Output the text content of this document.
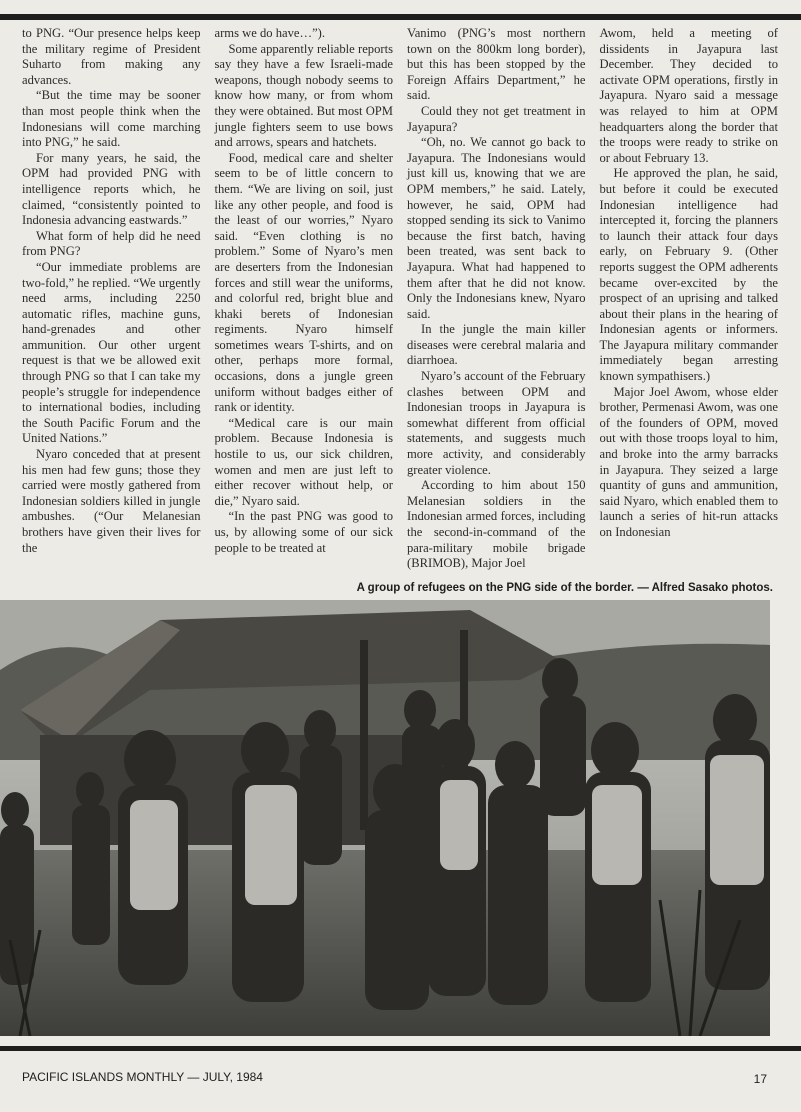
to PNG. “Our presence helps keep the military regime of President Suharto from making any advances.

“But the time may be sooner than most people think when the Indonesians will come marching into PNG,” he said.

For many years, he said, the OPM had provided PNG with intelligence reports which, he claimed, “consistently pointed to Indonesia advancing eastwards.”

What form of help did he need from PNG?

“Our immediate problems are two-fold,” he replied. “We urgently need arms, including 2250 automatic rifles, machine guns, hand-grenades and other ammunition. Our other urgent request is that we be allowed exit through PNG so that I can take my people’s struggle for independence to international bodies, including the South Pacific Forum and the United Nations.”

Nyaro conceded that at present his men had few guns; those they carried were mostly gathered from Indonesian soldiers killed in jungle ambushes. (“Our Melanesian brothers have given their lives for the

arms we do have…”).

Some apparently reliable reports say they have a few Israeli-made weapons, though nobody seems to know how many, or from whom they were obtained. But most OPM jungle fighters seem to use bows and arrows, spears and hatchets.

Food, medical care and shelter seem to be of little concern to them. “We are living on soil, just like any other people, and food is the least of our worries,” Nyaro said. “Even clothing is no problem.” Some of Nyaro’s men are deserters from the Indonesian forces and still wear the uniforms, and colorful red, bright blue and khaki berets of Indonesian regiments. Nyaro himself sometimes wears T-shirts, and on other, perhaps more formal, occasions, dons a jungle green uniform without badges either of rank or identity.

“Medical care is our main problem. Because Indonesia is hostile to us, our sick children, women and men are just left to either recover without help, or die,” Nyaro said.

“In the past PNG was good to us, by allowing some of our sick people to be treated at

Vanimo (PNG’s most northern town on the 800km long border), but this has been stopped by the Foreign Affairs Department,” he said.

Could they not get treatment in Jayapura?

“Oh, no. We cannot go back to Jayapura. The Indonesians would just kill us, knowing that we are OPM members,” he said. Lately, however, he said, OPM had stopped sending its sick to Vanimo because the first batch, having been treated, was sent back to Jayapura. What had happened to them after that he did not know. Only the Indonesians knew, Nyaro said.

In the jungle the main killer diseases were cerebral malaria and diarrhoea.

Nyaro’s account of the February clashes between OPM and Indonesian troops in Jayapura is somewhat different from official statements, and suggests much more activity, and considerably greater violence.

According to him about 150 Melanesian soldiers in the Indonesian armed forces, including the second-in-command of the para-military mobile brigade (BRIMOB), Major Joel

Awom, held a meeting of dissidents in Jayapura last December. They decided to activate OPM operations, firstly in Jayapura. Nyaro said a message was relayed to him at OPM headquarters along the border that the troops were ready to strike on or about February 13.

He approved the plan, he said, but before it could be executed Indonesian intelligence had intercepted it, forcing the planners to launch their attack four days early, on February 9. (Other reports suggest the OPM adherents became over-excited by the prospect of an uprising and talked about their plans in the hearing of Indonesian agents or informers. The Jayapura military commander immediately began arresting known sympathisers.)

Major Joel Awom, whose elder brother, Permenasi Awom, was one of the founders of OPM, moved out with those troops loyal to him, and broke into the army barracks in Jayapura. They seized a large quantity of guns and ammunition, said Nyaro, which enabled them to launch a series of hit-run attacks on Indonesian

A group of refugees on the PNG side of the border. — Alfred Sasako photos.
PACIFIC ISLANDS MONTHLY — JULY, 1984	17
